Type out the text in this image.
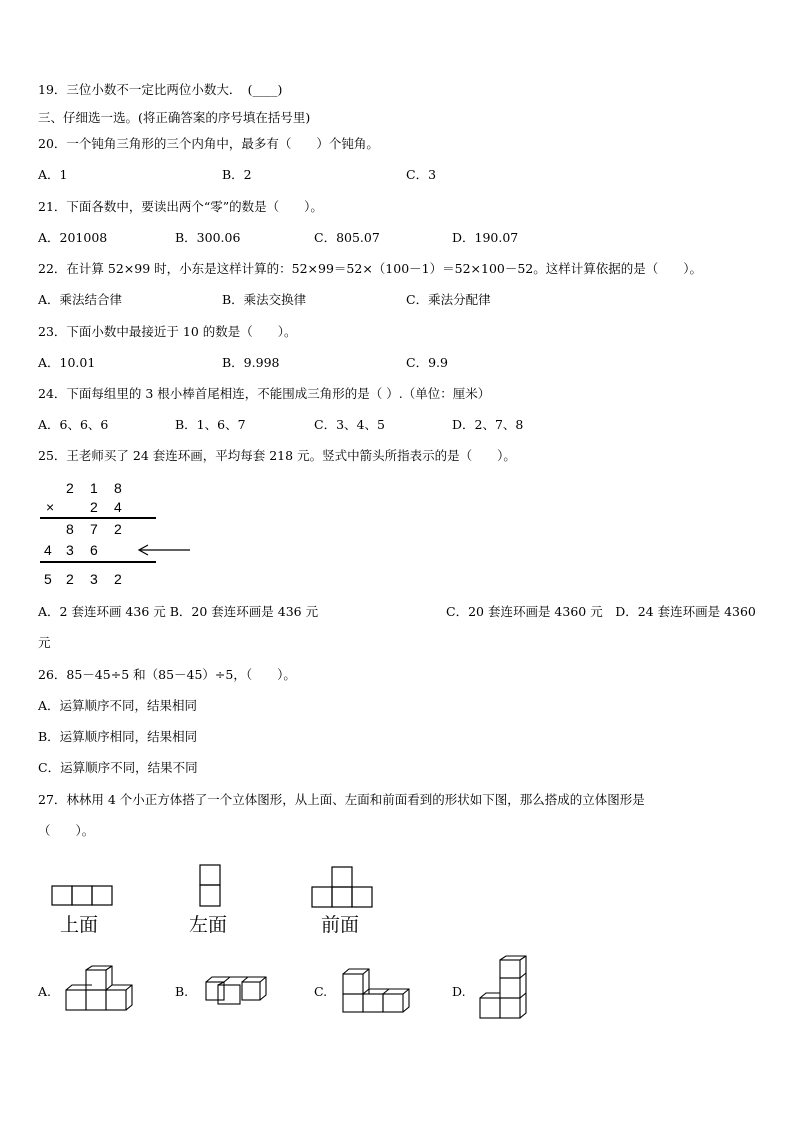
19．三位小数不一定比两位小数大．　(____)
三、仔细选一选。(将正确答案的序号填在括号里)
20．一个钝角三角形的三个内角中，最多有（　　）个钝角。
A．1	B．2	C．3
21．下面各数中，要读出两个“零”的数是（　　）。
A．201008	B．300.06	C．805.07	D．190.07
22．在计算 52×99 时，小东是这样计算的：52×99＝52×（100－1）＝52×100－52。这样计算依据的是（　　）。
A．乘法结合律	B．乘法交换律	C．乘法分配律
23．下面小数中最接近于 10 的数是（　　）。
A．10.01	B．9.998	C．9.9
24．下面每组里的 3 根小棒首尾相连，不能围成三角形的是（ ）.（单位：厘米）
A．6、6、6	B．1、6、7	C．3、4、5	D．2、7、8
25．王老师买了 24 套连环画，平均每套 218 元。竖式中箭头所指表示的是（　　）。
2 1 8
×	2 4
8 7 2
4 3 6
5 2 3 2
A．2 套连环画 436 元 B．20 套连环画是 436 元	C．20 套连环画是 4360 元　D．24 套连环画是 4360
元
26．85－45÷5 和（85－45）÷5，（　　）。
A．运算顺序不同，结果相同
B．运算顺序相同，结果相同
C．运算顺序不同，结果不同
27．林林用 4 个小正方体搭了一个立体图形，从上面、左面和前面看到的形状如下图，那么搭成的立体图形是
（　　）。
上面	左面	前面
A.	B.	C.	D.
